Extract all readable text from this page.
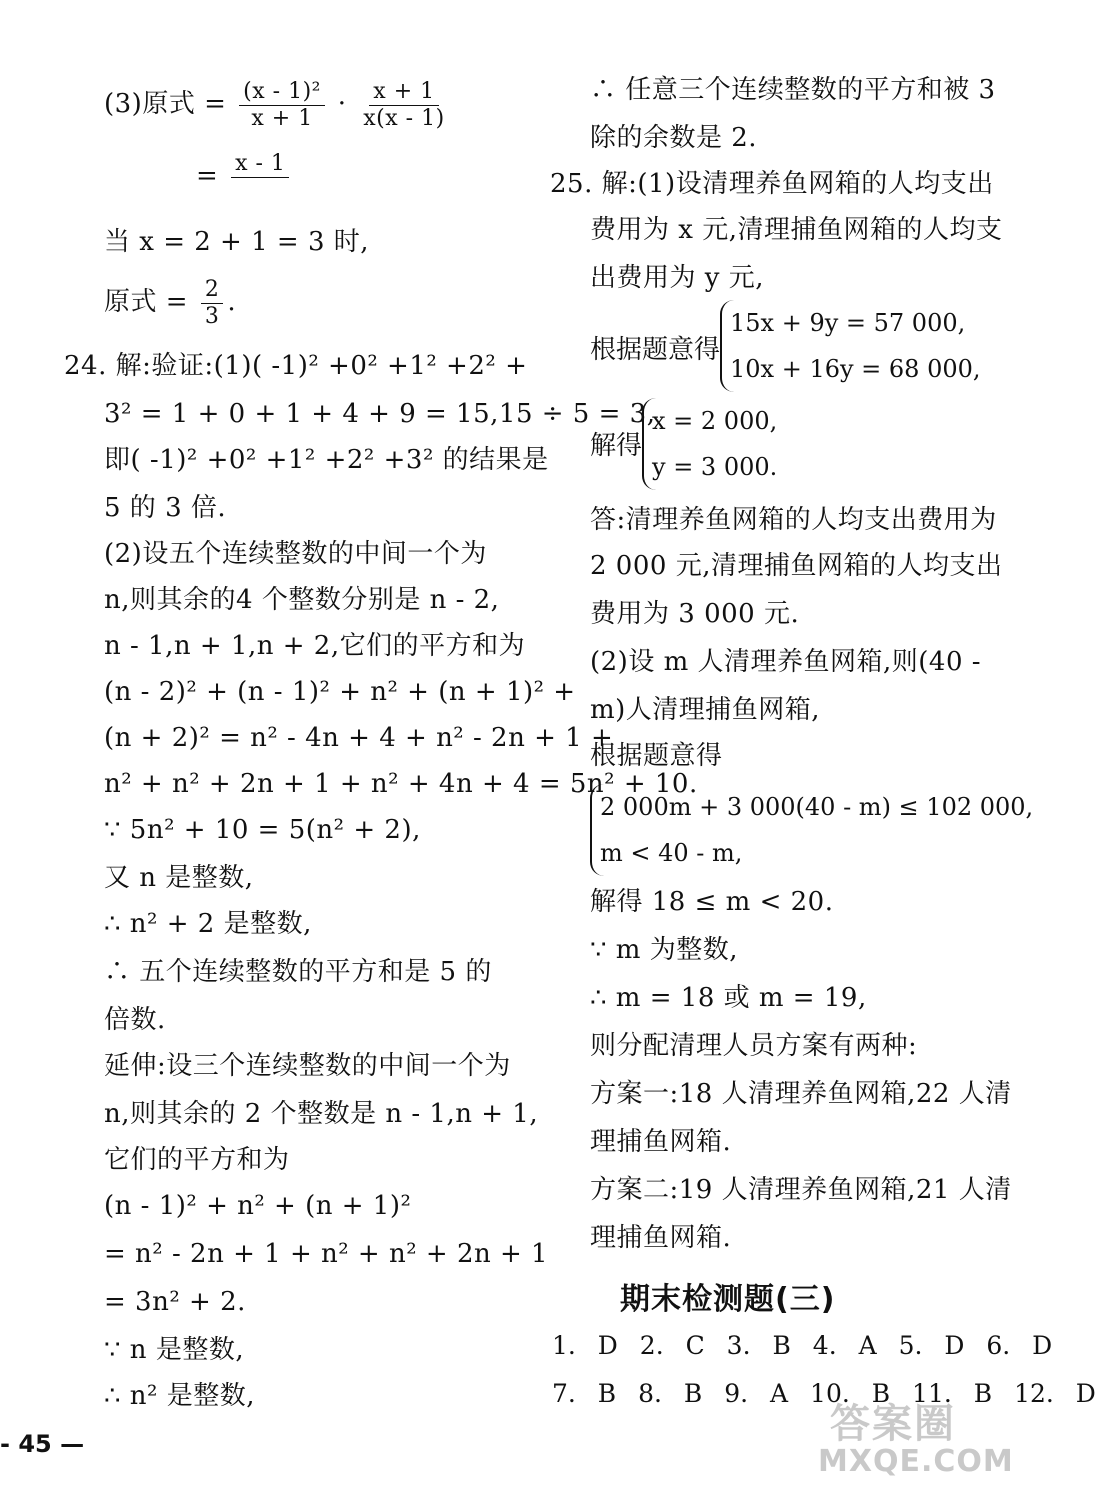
(3)原式 = $\frac{\text{(x - 1)²}}{x + 1} \cdot \frac{x + 1}{x(x - 1)}$
= x - 1

当 x = 2 + 1 = 3 时,
原式 = $\frac{2}{3}$ .
24. 解:验证:(1)( -1)² +0² +1² +2² +
3² = 1 + 0 + 1 + 4 + 9 = 15,15 ÷ 5 = 3,
即( -1)² +0² +1² +2² +3² 的结果是
5 的 3 倍.
(2)设五个连续整数的中间一个为
n,则其余的4 个整数分别是 n - 2,
n - 1,n + 1,n + 2,它们的平方和为
(n - 2)² + (n - 1)² + n² + (n + 1)² +
(n + 2)² = n² - 4n + 4 + n² - 2n + 1 +
n² + n² + 2n + 1 + n² + 4n + 4 = 5n² + 10.
∵ 5n² + 10 = 5(n² + 2),
又 n 是整数,
∴ n² + 2 是整数,
∴ 五个连续整数的平方和是 5 的
倍数.
延伸:设三个连续整数的中间一个为
n,则其余的 2 个整数是 n - 1,n + 1,
它们的平方和为
(n - 1)² + n² + (n + 1)²
= n² - 2n + 1 + n² + n² + 2n + 1
= 3n² + 2.
∵ n 是整数,
∴ n² 是整数,
∴ 任意三个连续整数的平方和被 3
除的余数是 2.
25. 解:(1)设清理养鱼网箱的人均支出
费用为 x 元,清理捕鱼网箱的人均支
出费用为 y 元,
根据题意得
15x + 9y = 57 000,
10x + 16y = 68 000,
解得
x = 2 000,
y = 3 000.
答:清理养鱼网箱的人均支出费用为
2 000 元,清理捕鱼网箱的人均支出
费用为 3 000 元.
(2)设 m 人清理养鱼网箱,则(40 -
m)人清理捕鱼网箱,
根据题意得
2 000m + 3 000(40 - m) ≤ 102 000,
m < 40 - m,
解得 18 ≤ m < 20.
∵ m 为整数,
∴ m = 18 或 m = 19,
则分配清理人员方案有两种:
方案一:18 人清理养鱼网箱,22 人清
理捕鱼网箱.
方案二:19 人清理养鱼网箱,21 人清
理捕鱼网箱.
期末检测题(三)
1. D 2. C 3. B 4. A 5. D 6. D
7. B 8. B 9. A 10. B 11. B 12. D
- 45 —	答案圈
MXQE.COM
